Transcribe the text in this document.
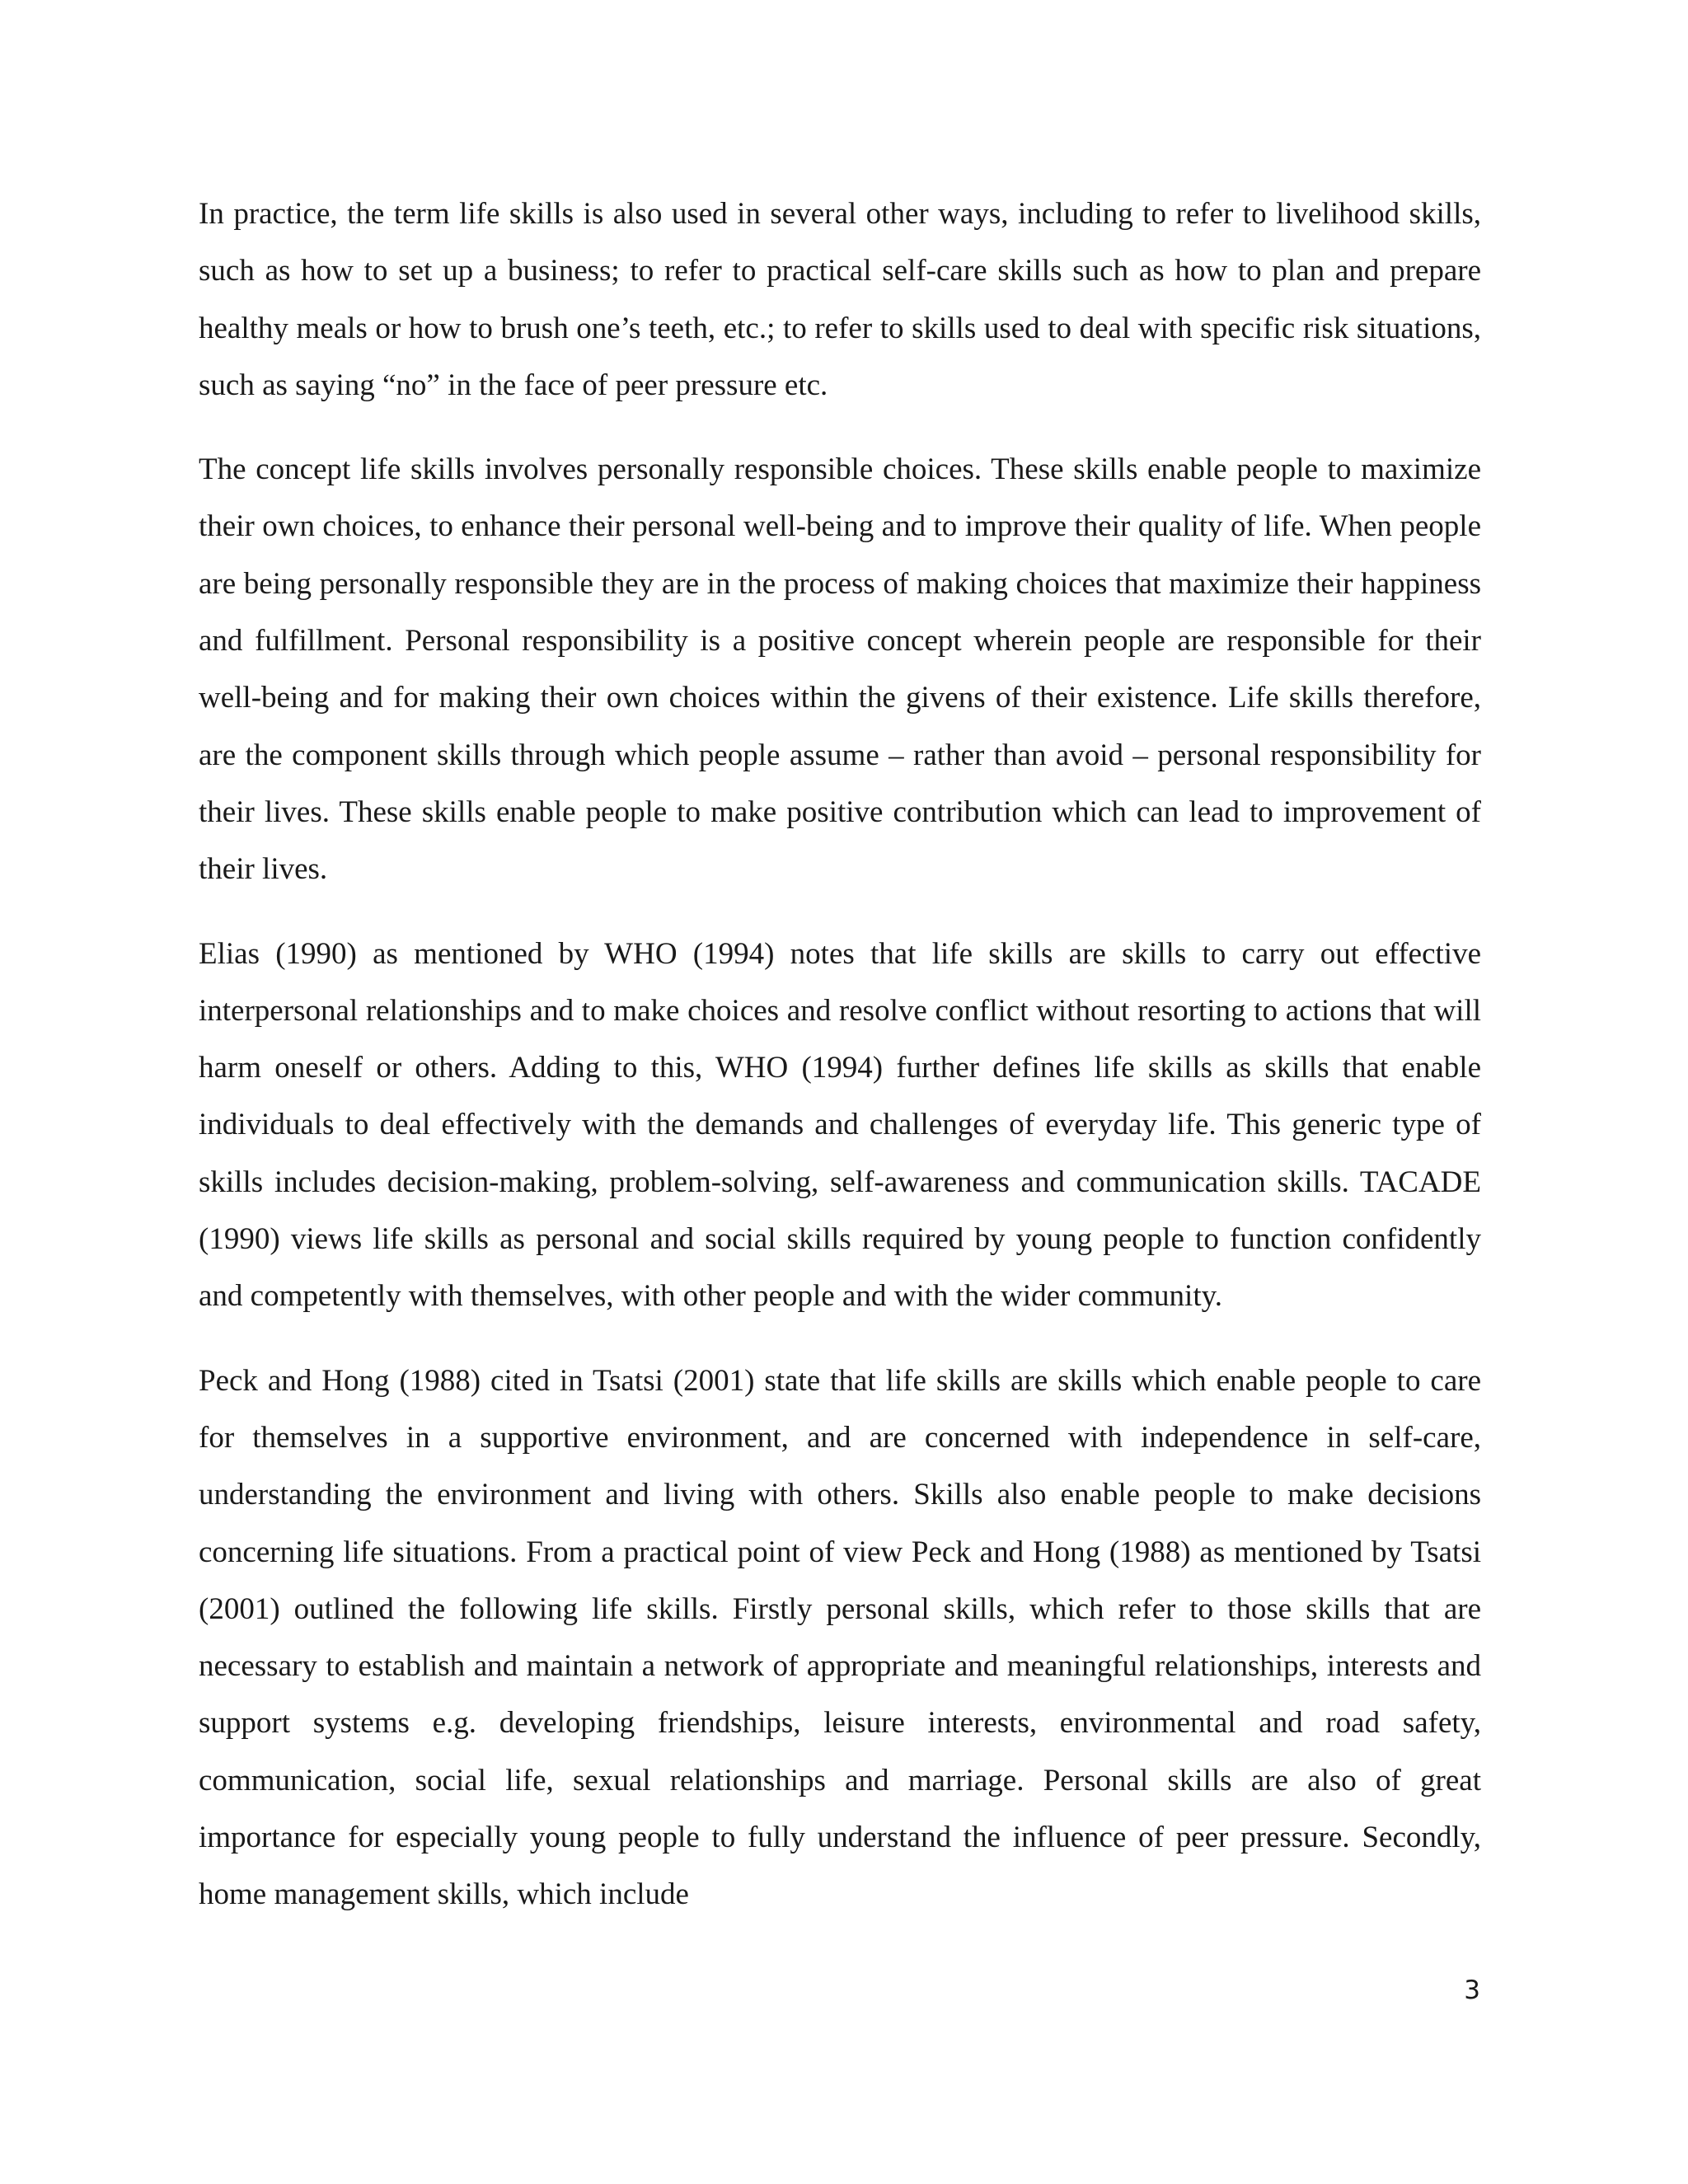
In practice, the term life skills is also used in several other ways, including to refer to livelihood skills, such as how to set up a business; to refer to practical self-care skills such as how to plan and prepare healthy meals or how to brush one’s teeth, etc.; to refer to skills used to deal with specific risk situations, such as saying “no” in the face of peer pressure etc.

The concept life skills involves personally responsible choices. These skills enable people to maximize their own choices, to enhance their personal well-being and to improve their quality of life. When people are being personally responsible they are in the process of making choices that maximize their happiness and fulfillment. Personal responsibility is a positive concept wherein people are responsible for their well-being and for making their own choices within the givens of their existence. Life skills therefore, are the component skills through which people assume – rather than avoid – personal responsibility for their lives. These skills enable people to make positive contribution which can lead to improvement of their lives.

Elias (1990) as mentioned by WHO (1994) notes that life skills are skills to carry out effective interpersonal relationships and to make choices and resolve conflict without resorting to actions that will harm oneself or others. Adding to this, WHO (1994) further defines life skills as skills that enable individuals to deal effectively with the demands and challenges of everyday life. This generic type of skills includes decision-making, problem-solving, self-awareness and communication skills. TACADE (1990) views life skills as personal and social skills required by young people to function confidently and competently with themselves, with other people and with the wider community.

Peck and Hong (1988) cited in Tsatsi (2001) state that life skills are skills which enable people to care for themselves in a supportive environment, and are concerned with independence in self-care, understanding the environment and living with others. Skills also enable people to make decisions concerning life situations. From a practical point of view Peck and Hong (1988) as mentioned by Tsatsi (2001) outlined the following life skills. Firstly personal skills, which refer to those skills that are necessary to establish and maintain a network of appropriate and meaningful relationships, interests and support systems e.g. developing friendships, leisure interests, environmental and road safety, communication, social life, sexual relationships and marriage. Personal skills are also of great importance for especially young people to fully understand the influence of peer pressure. Secondly, home management skills, which include

3
